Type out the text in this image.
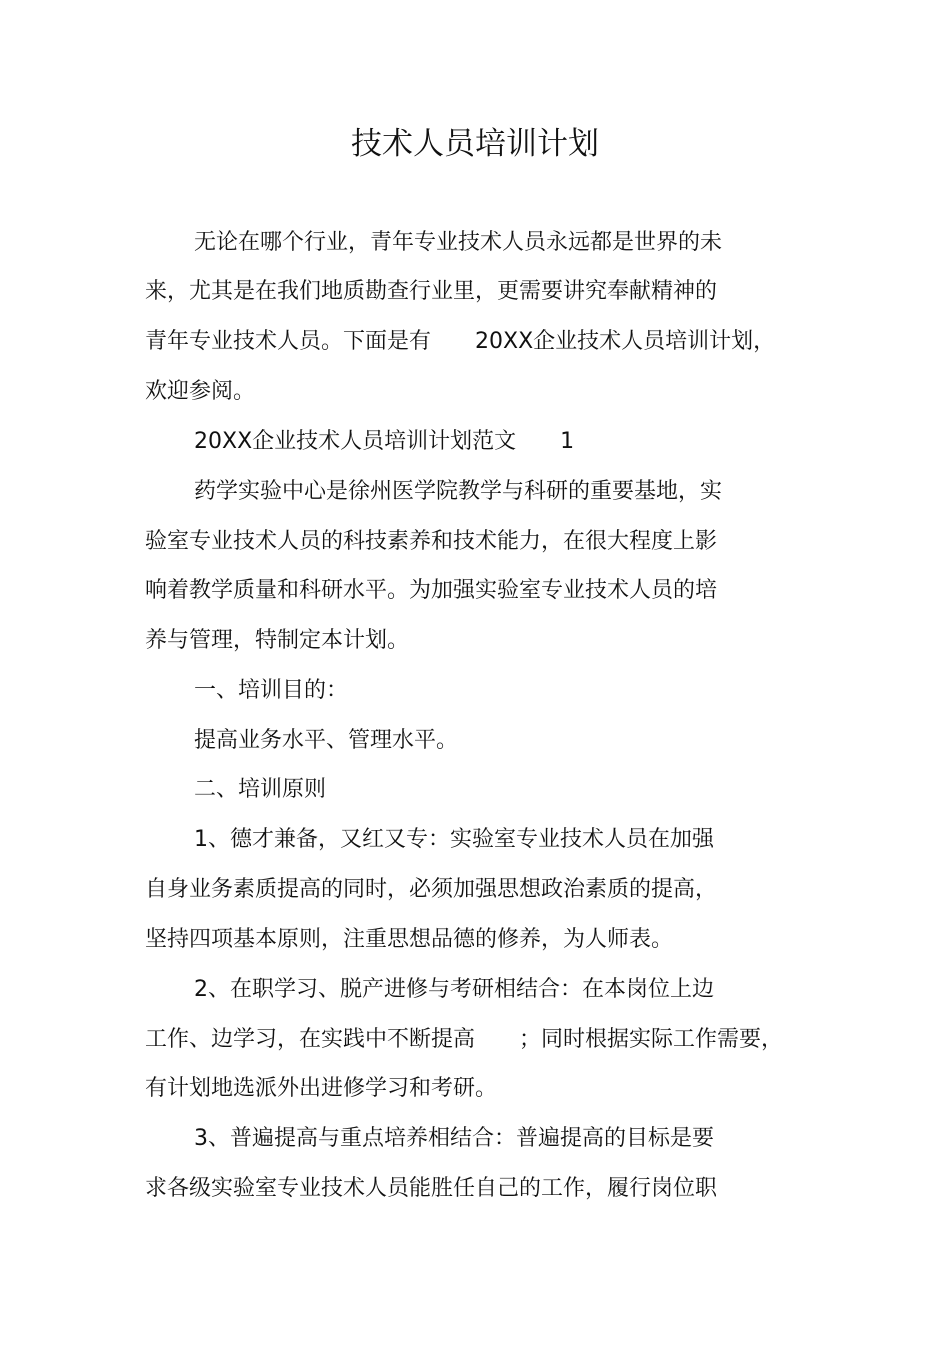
技术人员培训计划

无论在哪个行业，青年专业技术人员永远都是世界的未

来，尤其是在我们地质勘查行业里，更需要讲究奉献精神的

青年专业技术人员。下面是有　　20XX企业技术人员培训计划，

欢迎参阅。

20XX企业技术人员培训计划范文　　1

药学实验中心是徐州医学院教学与科研的重要基地，实

验室专业技术人员的科技素养和技术能力，在很大程度上影

响着教学质量和科研水平。为加强实验室专业技术人员的培

养与管理，特制定本计划。

一、培训目的：

提高业务水平、管理水平。

二、培训原则

1、德才兼备，又红又专：实验室专业技术人员在加强

自身业务素质提高的同时，必须加强思想政治素质的提高，

坚持四项基本原则，注重思想品德的修养，为人师表。

2、在职学习、脱产进修与考研相结合：在本岗位上边

工作、边学习，在实践中不断提高　　；同时根据实际工作需要，

有计划地选派外出进修学习和考研。

3、普遍提高与重点培养相结合：普遍提高的目标是要

求各级实验室专业技术人员能胜任自己的工作，履行岗位职
